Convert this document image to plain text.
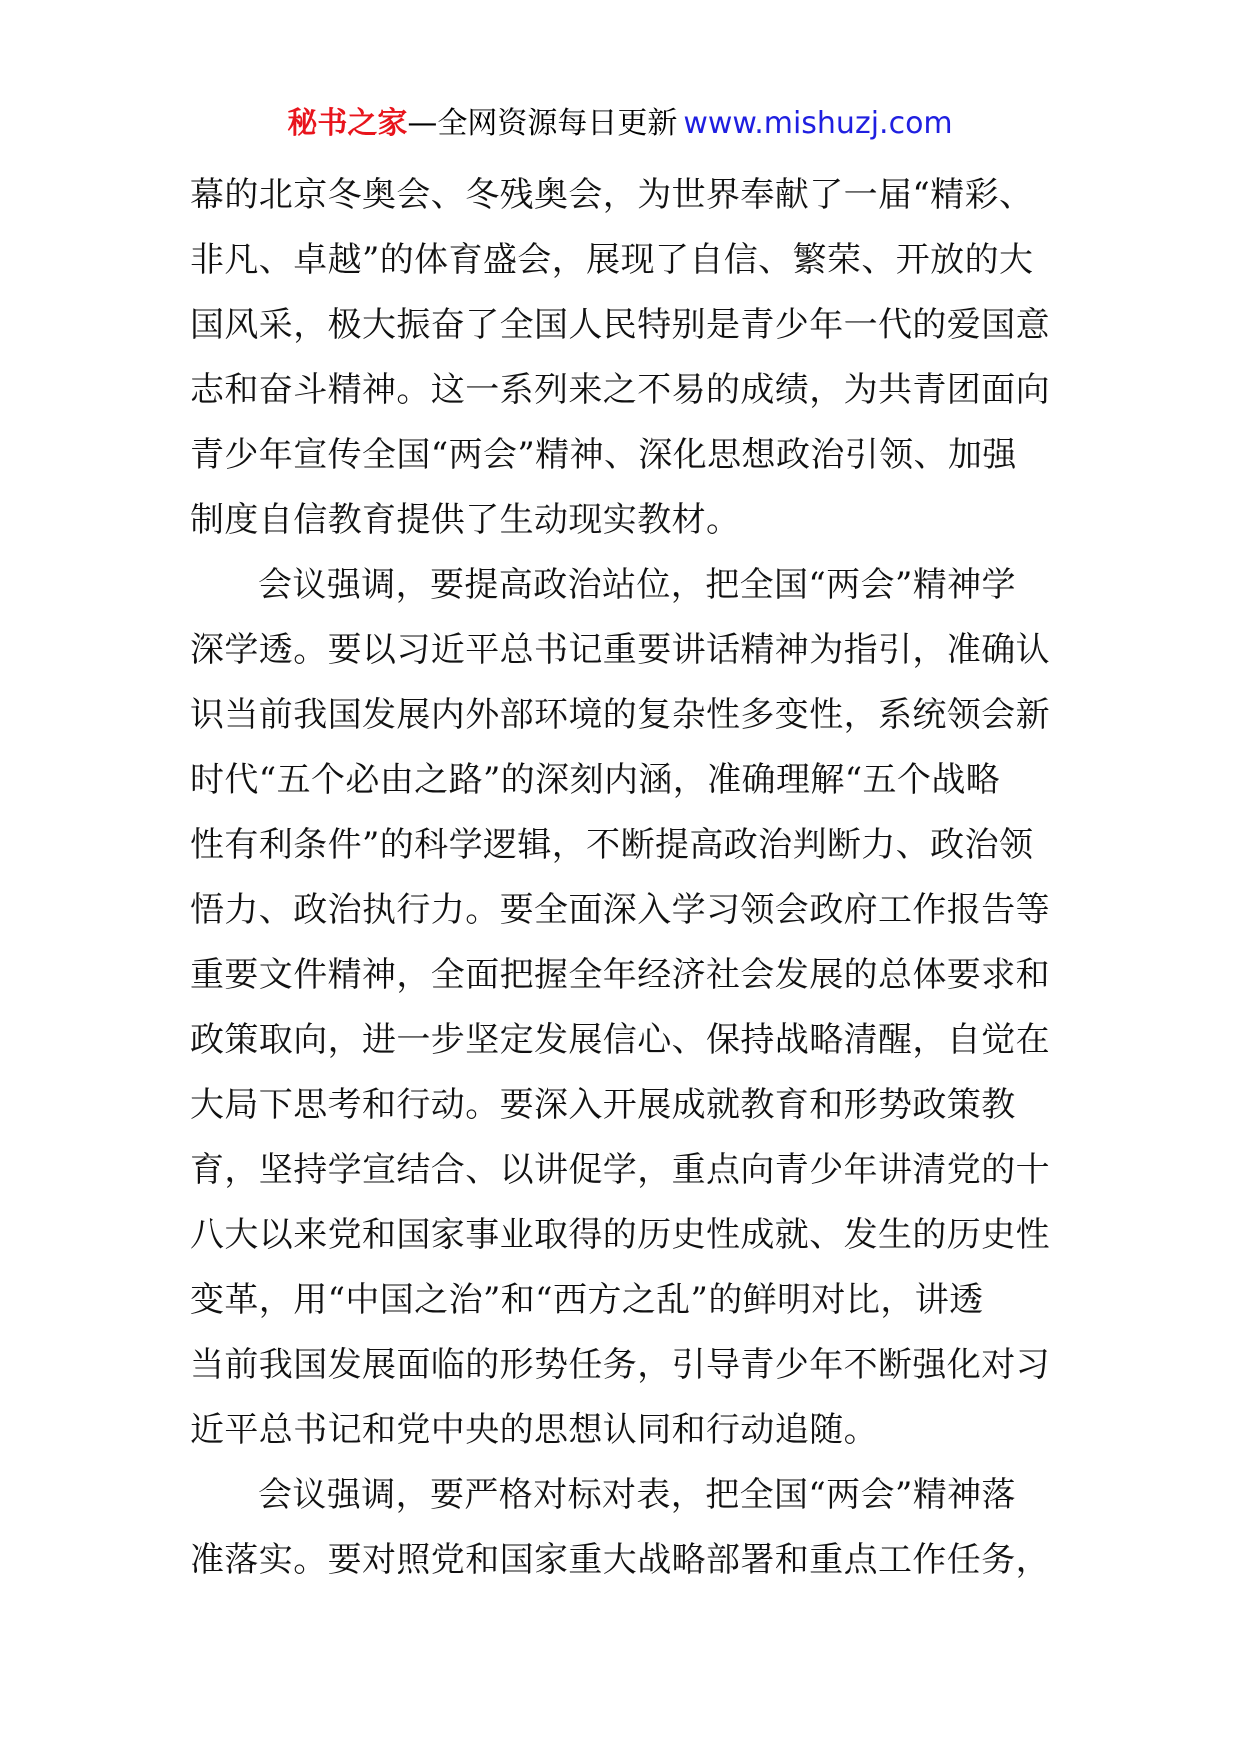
秘书之家—全网资源每日更新 www.mishuzj.com
幕的北京冬奥会、冬残奥会，为世界奉献了一届“精彩、
非凡、卓越”的体育盛会，展现了自信、繁荣、开放的大
国风采，极大振奋了全国人民特别是青少年一代的爱国意
志和奋斗精神。这一系列来之不易的成绩，为共青团面向
青少年宣传全国“两会”精神、深化思想政治引领、加强
制度自信教育提供了生动现实教材。
会议强调，要提高政治站位，把全国“两会”精神学
深学透。要以习近平总书记重要讲话精神为指引，准确认
识当前我国发展内外部环境的复杂性多变性，系统领会新
时代“五个必由之路”的深刻内涵，准确理解“五个战略
性有利条件”的科学逻辑，不断提高政治判断力、政治领
悟力、政治执行力。要全面深入学习领会政府工作报告等
重要文件精神，全面把握全年经济社会发展的总体要求和
政策取向，进一步坚定发展信心、保持战略清醒，自觉在
大局下思考和行动。要深入开展成就教育和形势政策教
育，坚持学宣结合、以讲促学，重点向青少年讲清党的十
八大以来党和国家事业取得的历史性成就、发生的历史性
变革，用“中国之治”和“西方之乱”的鲜明对比，讲透
当前我国发展面临的形势任务，引导青少年不断强化对习
近平总书记和党中央的思想认同和行动追随。
会议强调，要严格对标对表，把全国“两会”精神落
准落实。要对照党和国家重大战略部署和重点工作任务，
